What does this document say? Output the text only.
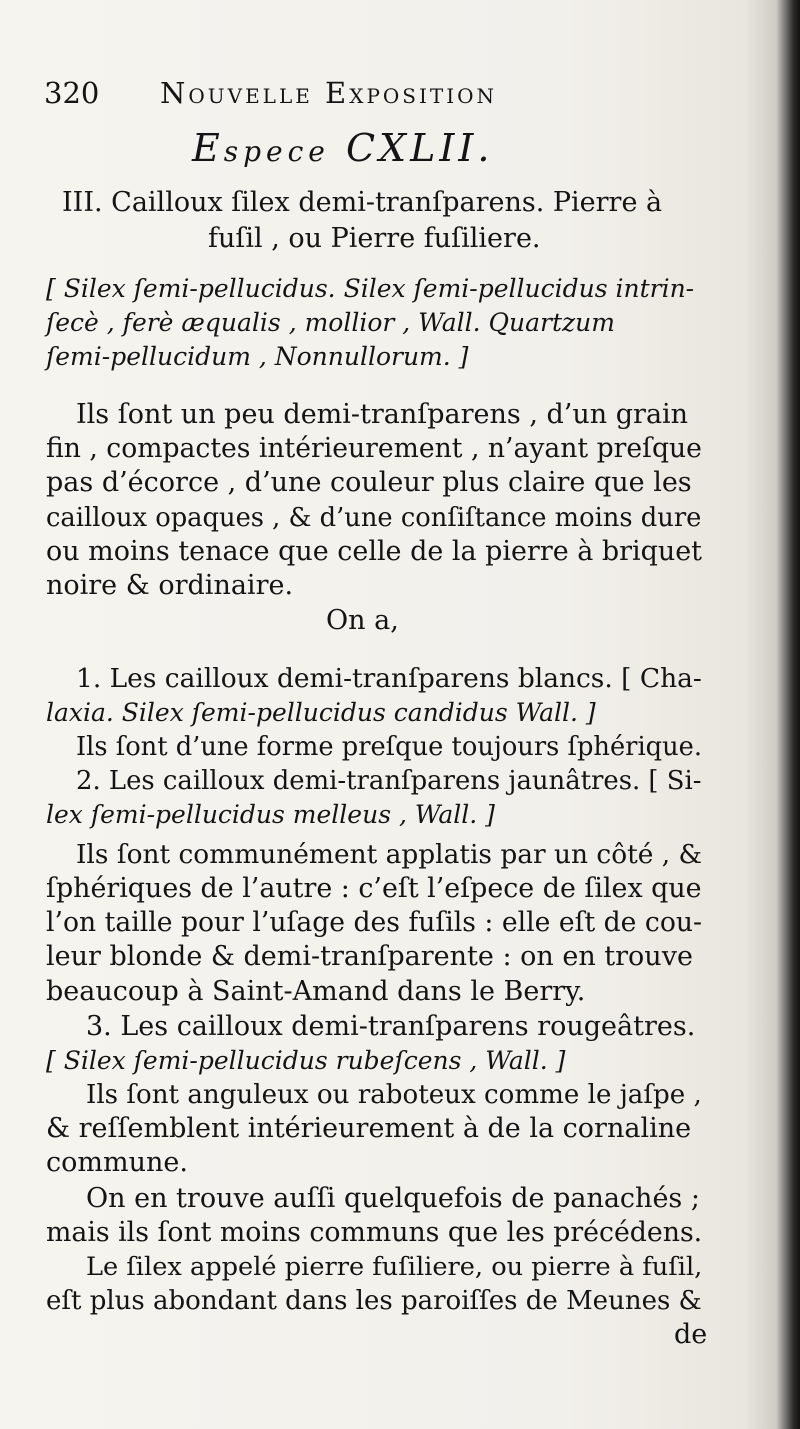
320 Nouvelle Exposition
Espece CXLII.
III. Cailloux ſilex demi-tranſparens. Pierre à
fuſil , ou Pierre fuſiliere.
[ Silex ſemi-pellucidus. Silex ſemi-pellucidus intrin-
ſecè , ferè æqualis , mollior , Wall. Quartzum
ſemi-pellucidum , Nonnullorum. ]
Ils ſont un peu demi-tranſparens , d’un grain
fin , compactes intérieurement , n’ayant preſque
pas d’écorce , d’une couleur plus claire que les
cailloux opaques , & d’une conſiſtance moins dure
ou moins tenace que celle de la pierre à briquet
noire & ordinaire.
On a,
1. Les cailloux demi-tranſparens blancs. [ Cha-
laxia. Silex ſemi-pellucidus candidus Wall. ]
Ils ſont d’une forme preſque toujours ſphérique.
2. Les cailloux demi-tranſparens jaunâtres. [ Si-
lex ſemi-pellucidus melleus , Wall. ]
Ils ſont communément applatis par un côté , &
ſphériques de l’autre : c’eſt l’eſpece de ſilex que
l’on taille pour l’uſage des fuſils : elle eſt de cou-
leur blonde & demi-tranſparente : on en trouve
beaucoup à Saint-Amand dans le Berry.
3. Les cailloux demi-tranſparens rougeâtres.
[ Silex ſemi-pellucidus rubeſcens , Wall. ]
Ils ſont anguleux ou raboteux comme le jaſpe ,
& reſſemblent intérieurement à de la cornaline
commune.
On en trouve auſſi quelquefois de panachés ;
mais ils ſont moins communs que les précédens.
Le ſilex appelé pierre fuſiliere, ou pierre à fuſil,
eſt plus abondant dans les paroiſſes de Meunes &
de
